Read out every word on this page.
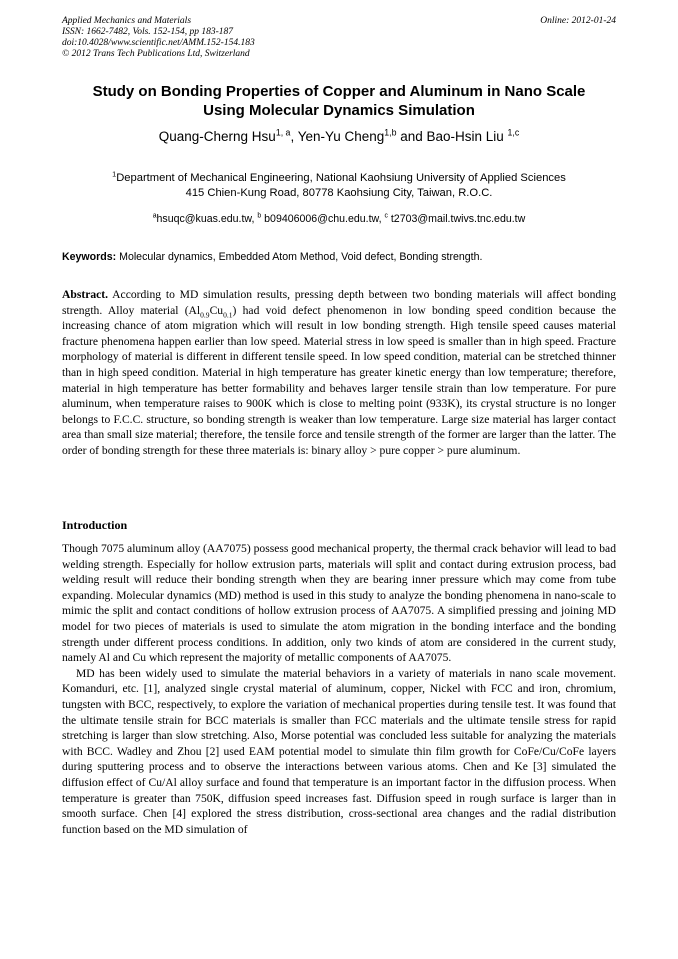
Applied Mechanics and Materials
ISSN: 1662-7482, Vols. 152-154, pp 183-187
doi:10.4028/www.scientific.net/AMM.152-154.183
© 2012 Trans Tech Publications Ltd, Switzerland
Online: 2012-01-24
Study on Bonding Properties of Copper and Aluminum in Nano Scale
Using Molecular Dynamics Simulation
Quang-Cherng Hsu$^{1, a}$, Yen-Yu Cheng$^{1,b}$ and Bao-Hsin Liu $^{1,c}$
$^1$Department of Mechanical Engineering, National Kaohsiung University of Applied Sciences
415 Chien-Kung Road, 80778 Kaohsiung City, Taiwan, R.O.C.
$^a$hsuqc@kuas.edu.tw, $^b$ b09406006@chu.edu.tw, $^c$ t2703@mail.twivs.tnc.edu.tw
Keywords: Molecular dynamics, Embedded Atom Method, Void defect, Bonding strength.
Abstract. According to MD simulation results, pressing depth between two bonding materials will affect bonding strength. Alloy material $(Al_{0.9}Cu_{0.1})$ had void defect phenomenon in low bonding speed condition because the increasing chance of atom migration which will result in low bonding strength. High tensile speed causes material fracture phenomena happen earlier than low speed. Material stress in low speed is smaller than in high speed. Fracture morphology of material is different in different tensile speed. In low speed condition, material can be stretched thinner than in high speed condition. Material in high temperature has greater kinetic energy than low temperature; therefore, material in high temperature has better formability and behaves larger tensile strain than low temperature. For pure aluminum, when temperature raises to 900K which is close to melting point (933K), its crystal structure is no longer belongs to F.C.C. structure, so bonding strength is weaker than low temperature. Large size material has larger contact area than small size material; therefore, the tensile force and tensile strength of the former are larger than the latter. The order of bonding strength for these three materials is: binary alloy > pure copper > pure aluminum.
Introduction

Though 7075 aluminum alloy (AA7075) possess good mechanical property, the thermal crack behavior will lead to bad welding strength. Especially for hollow extrusion parts, materials will split and contact during extrusion process, bad welding result will reduce their bonding strength when they are bearing inner pressure which may come from tube expanding. Molecular dynamics (MD) method is used in this study to analyze the bonding phenomena in nano-scale to mimic the split and contact conditions of hollow extrusion process of AA7075. A simplified pressing and joining MD model for two pieces of materials is used to simulate the atom migration in the bonding interface and the bonding strength under different process conditions. In addition, only two kinds of atom are considered in the current study, namely Al and Cu which represent the majority of metallic components of AA7075.

MD has been widely used to simulate the material behaviors in a variety of materials in nano scale movement. Komanduri, etc. [1], analyzed single crystal material of aluminum, copper, Nickel with FCC and iron, chromium, tungsten with BCC, respectively, to explore the variation of mechanical properties during tensile test. It was found that the ultimate tensile strain for BCC materials is smaller than FCC materials and the ultimate tensile stress for rapid stretching is larger than slow stretching. Also, Morse potential was concluded less suitable for analyzing the materials with BCC. Wadley and Zhou [2] used EAM potential model to simulate thin film growth for CoFe/Cu/CoFe layers during sputtering process and to observe the interactions between various atoms. Chen and Ke [3] simulated the diffusion effect of Cu/Al alloy surface and found that temperature is an important factor in the diffusion process. When temperature is greater than 750K, diffusion speed increases fast. Diffusion speed in rough surface is larger than in smooth surface. Chen [4] explored the stress distribution, cross-sectional area changes and the radial distribution function based on the MD simulation of
